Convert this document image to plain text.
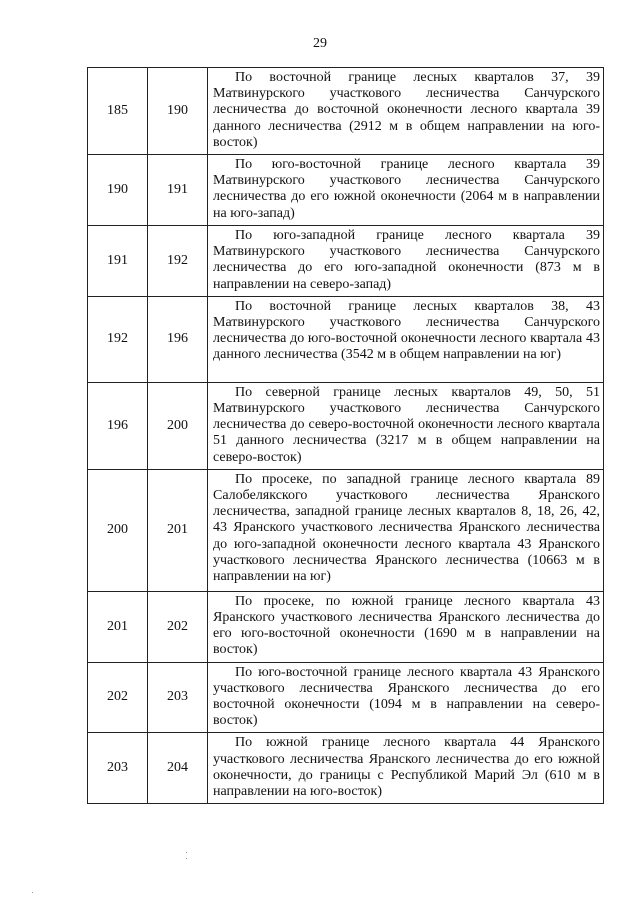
29
185	190	По восточной границе лесных кварталов 37, 39 Матвинурского участкового лесничества Санчурского лесничества до восточной оконечности лесного квартала 39 данного лесничества (2912 м в общем направлении на юго-восток)
190	191	По юго-восточной границе лесного квартала 39 Матвинурского участкового лесничества Санчурского лесничества до его южной оконечности (2064 м в направлении на юго-запад)
191	192	По юго-западной границе лесного квартала 39 Матвинурского участкового лесничества Санчурского лесничества до его юго-западной оконечности (873 м в направлении на северо-запад)
192	196	По восточной границе лесных кварталов 38, 43 Матвинурского участкового лесничества Санчурского лесничества до юго-восточной оконечности лесного квартала 43 данного лесничества (3542 м в общем направлении на юг)
196	200	По северной границе лесных кварталов 49, 50, 51 Матвинурского участкового лесничества Санчурского лесничества до северо-восточной оконечности лесного квартала 51 данного лесничества (3217 м в общем направлении на северо-восток)
200	201	По просеке, по западной границе лесного квартала 89 Салобелякского участкового лесничества Яранского лесничества, западной границе лесных кварталов 8, 18, 26, 42, 43 Яранского участкового лесничества Яранского лесничества до юго-западной оконечности лесного квартала 43 Яранского участкового лесничества Яранского лесничества (10663 м в направлении на юг)
201	202	По просеке, по южной границе лесного квартала 43 Яранского участкового лесничества Яранского лесничества до его юго-восточной оконечности (1690 м в направлении на восток)
202	203	По юго-восточной границе лесного квартала 43 Яранского участкового лесничества Яранского лесничества до его восточной оконечности (1094 м в направлении на северо-восток)
203	204	По южной границе лесного квартала 44 Яранского участкового лесничества Яранского лесничества до его южной оконечности, до границы с Республикой Марий Эл (610 м в направлении на юго-восток)
